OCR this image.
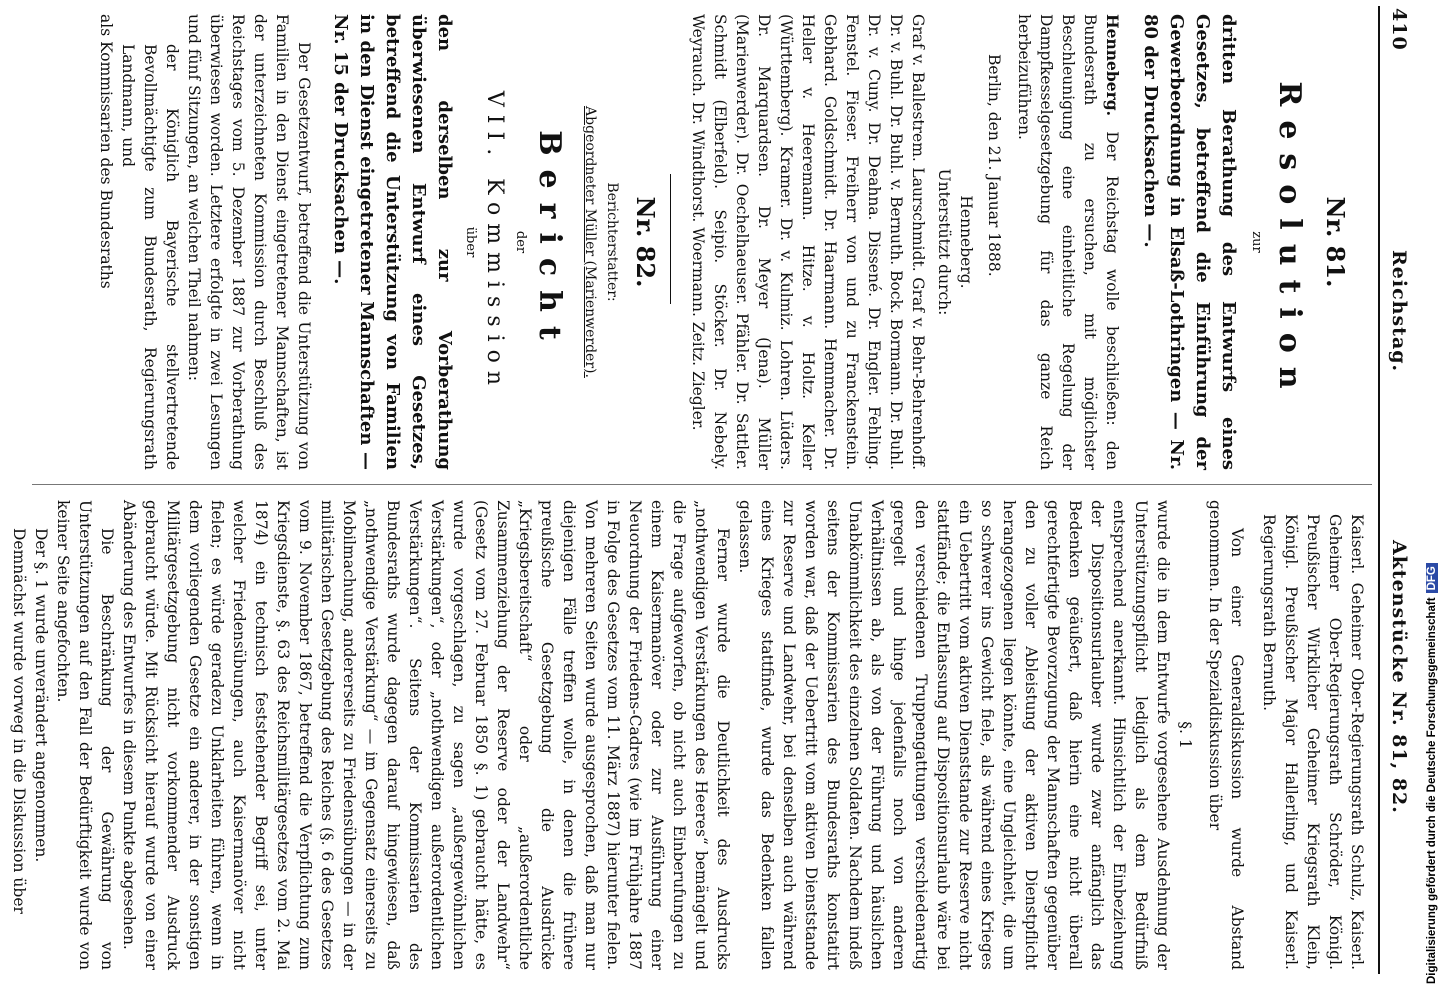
410
Reichstag.
Aktenstücke Nr. 81, 82.
Nr. 81.
Resolution
zur
dritten Berathung des Entwurfs eines Gesetzes, betreffend die Einführung der Gewerbeordnung in Elsaß-Lothringen — Nr. 80 der Drucksachen —.
Henneberg. Der Reichstag wolle beschließen: den Bundesrath zu ersuchen, mit möglichster Beschleunigung eine einheitliche Regelung der Dampfkesselgesetzgebung für das ganze Reich herbeizuführen.
Berlin, den 21. Januar 1888.
Henneberg.
Unterstützt durch:
Graf v. Ballestrem. Laurschmidt. Graf v. Behr-Behrenhoff. Dr. v. Buhl. Dr. Buhl. v. Bernuth. Bock. Bormann. Dr. Buhl. Dr. v. Cuny. Dr. Deahna. Dissené. Dr. Engler. Fehling. Fenstel. Fieser. Freiherr von und zu Franckenstein. Gebhard. Goldschmidt. Dr. Haarmann. Hemmacher. Dr. Heller v. Heeremann. Hitze. v. Holtz. Keller (Württemberg). Kramer. Dr. v. Kulmiz. Lohren. Lüders. Dr. Marquardsen. Dr. Meyer (Jena). Müller (Marienwerder). Dr. Oechelhaeuser. Pfähler. Dr. Sattler. Schmidt (Elberfeld). Seipio. Stöcker. Dr. Nebely. Weyrauch. Dr. Windthorst. Woermann. Zeitz. Ziegler.
Nr. 82.
Berichterstatter:
Abgeordneter Müller (Marienwerder).
Bericht
der
VII. Kommission
über
den derselben zur Vorberathung überwiesenen Entwurf eines Gesetzes, betreffend die Unterstützung von Familien in den Dienst eingetretener Mannschaften — Nr. 15 der Drucksachen —.
Der Gesetzentwurf, betreffend die Unterstützung von Familien in den Dienst eingetretener Mannschaften, ist der unterzeichneten Kommission durch Beschluß des Reichstages vom 5. Dezember 1887 zur Vorberathung überwiesen worden. Letztere erfolgte in zwei Lesungen und fünf Sitzungen, an welchen Theil nahmen:
der Königlich Bayerische stellvertretende Bevollmächtigte zum Bundesrath, Regierungsrath Landmann, und
als Kommissarien des Bundesraths
Kaiserl. Geheimer Ober-Regierungsrath Schulz, Kaiserl. Geheimer Ober-Regierungsrath Schröder, Königl. Preußischer Wirklicher Geheimer Kriegsrath Klein, Königl. Preußischer Major Hallerling, und Kaiserl. Regierungsrath Bernuth.
Von einer Generaldiskussion wurde Abstand genommen. In der Spezialdiskussion über
§. 1
wurde die in dem Entwurfe vorgesehene Ausdehnung der Unterstützungspflicht lediglich als dem Bedürfniß entsprechend anerkannt. Hinsichtlich der Einbeziehung der Dispositionsurlauber wurde zwar anfänglich das Bedenken geäußert, daß hierin eine nicht überall gerechtfertigte Bevorzugung der Mannschaften gegenüber den zu voller Ableistung der aktiven Dienstpflicht herangezogenen liegen könnte, eine Ungleichheit, die um so schwerer ins Gewicht fiele, als während eines Krieges ein Uebertritt vom aktiven Dienststande zur Reserve nicht stattfände; die Entlassung auf Dispositionsurlaub wäre bei den verschiedenen Truppengattungen verschiedenartig geregelt und hinge jedenfalls noch von anderen Verhältnissen ab, als von der Führung und häuslichen Unabkömmlichkeit des einzelnen Soldaten. Nachdem indeß seitens der Kommissarien des Bundesraths konstatirt worden war, daß der Uebertritt vom aktiven Dienststande zur Reserve und Landwehr, bei denselben auch während eines Krieges stattfinde, wurde das Bedenken fallen gelassen.
Ferner wurde die Deutlichkeit des Ausdrucks „nothwendigen Verstärkungen des Heeres“ bemängelt und die Frage aufgeworfen, ob nicht auch Einberufungen zu einem Kaisermanöver oder zur Ausführung einer Neuordnung der Friedens-Cadres (wie im Frühjahre 1887 in Folge des Gesetzes vom 11. März 1887) hierunter fielen. Von mehreren Seiten wurde ausgesprochen, daß man nur diejenigen Fälle treffen wolle, in denen die frühere preußische Gesetzgebung die Ausdrücke „Kriegsbereitschaft“ oder „außerordentliche Zusammenziehung der Reserve oder der Landwehr“ (Gesetz vom 27. Februar 1850 §. 1) gebraucht hätte, es wurde vorgeschlagen, zu sagen „außergewöhnlichen Verstärkungen“, oder „nothwendigen außerordentlichen Verstärkungen“. Seitens der Kommissarien des Bundesraths wurde dagegen darauf hingewiesen, daß „nothwendige Verstärkung“ — im Gegensatz einerseits zu Mobilmachung, andererseits zu Friedensübungen — in der militärischen Gesetzgebung des Reiches (§. 6 des Gesetzes vom 9. November 1867, betreffend die Verpflichtung zum Kriegsdienste, §. 63 des Reichsmilitärgesetzes vom 2. Mai 1874) ein technisch feststehender Begriff sei, unter welcher Friedensübungen, auch Kaisermanöver nicht fielen; es würde geradezu Unklarheiten führen, wenn in dem vorliegenden Gesetze ein anderer, in der sonstigen Militärgesetzgebung nicht vorkommender Ausdruck gebraucht würde. Mit Rücksicht hierauf wurde von einer Abänderung des Entwurfes in diesem Punkte abgesehen.
Die Beschränkung der Gewährung von Unterstützungen auf den Fall der Bedürftigkeit wurde von keiner Seite angefochten.
Der §. 1 wurde unverändert angenommen.
Demnächst wurde vorweg in die Diskussion über	Digitalisierung gefördert durch die Deutsche ForschungsgemeinschaftDFG
